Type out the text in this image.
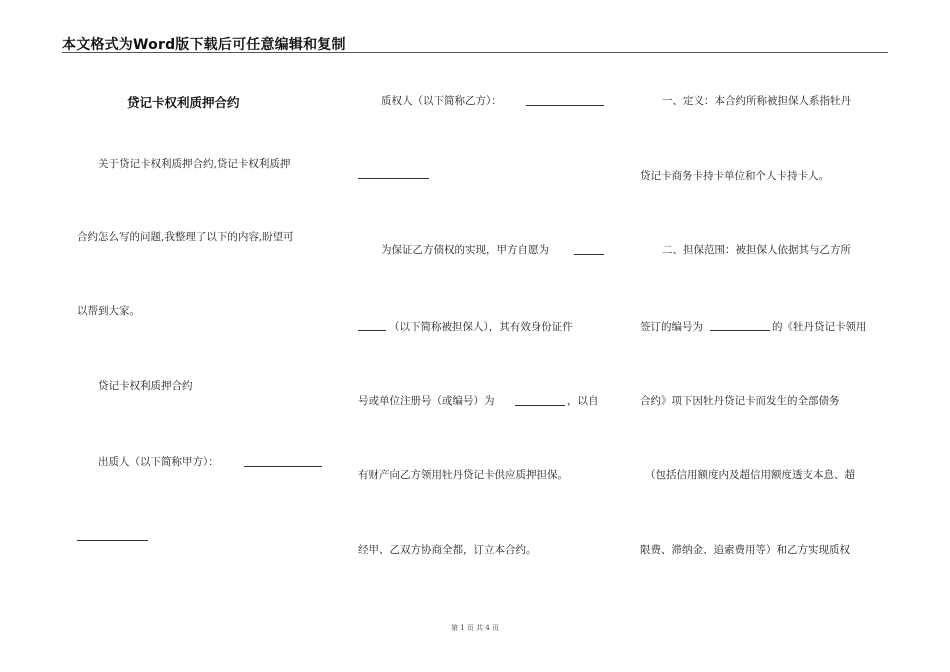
本文格式为Word版下载后可任意编辑和复制
贷记卡权利质押合约
关于贷记卡权利质押合约,贷记卡权利质押
合约怎么写的问题,我整理了以下的内容,盼望可
以帮到大家。
贷记卡权利质押合约
出质人（以下简称甲方）：
质权人（以下简称乙方）：
为保证乙方债权的实现，甲方自愿为
（以下简称被担保人），其有效身份证件
号或单位注册号（或编号）为	，以自
有财产向乙方领用牡丹贷记卡供应质押担保。
经甲、乙双方协商全都，订立本合约。
一、定义：本合约所称被担保人系指牡丹
贷记卡商务卡持卡单位和个人卡持卡人。
二、担保范围：被担保人依据其与乙方所
签订的编号为	的《牡丹贷记卡领用
合约》项下因牡丹贷记卡而发生的全部债务
（包括信用额度内及超信用额度透支本息、超
限费、滞纳金、追索费用等）和乙方实现质权
第 1 页 共 4 页
